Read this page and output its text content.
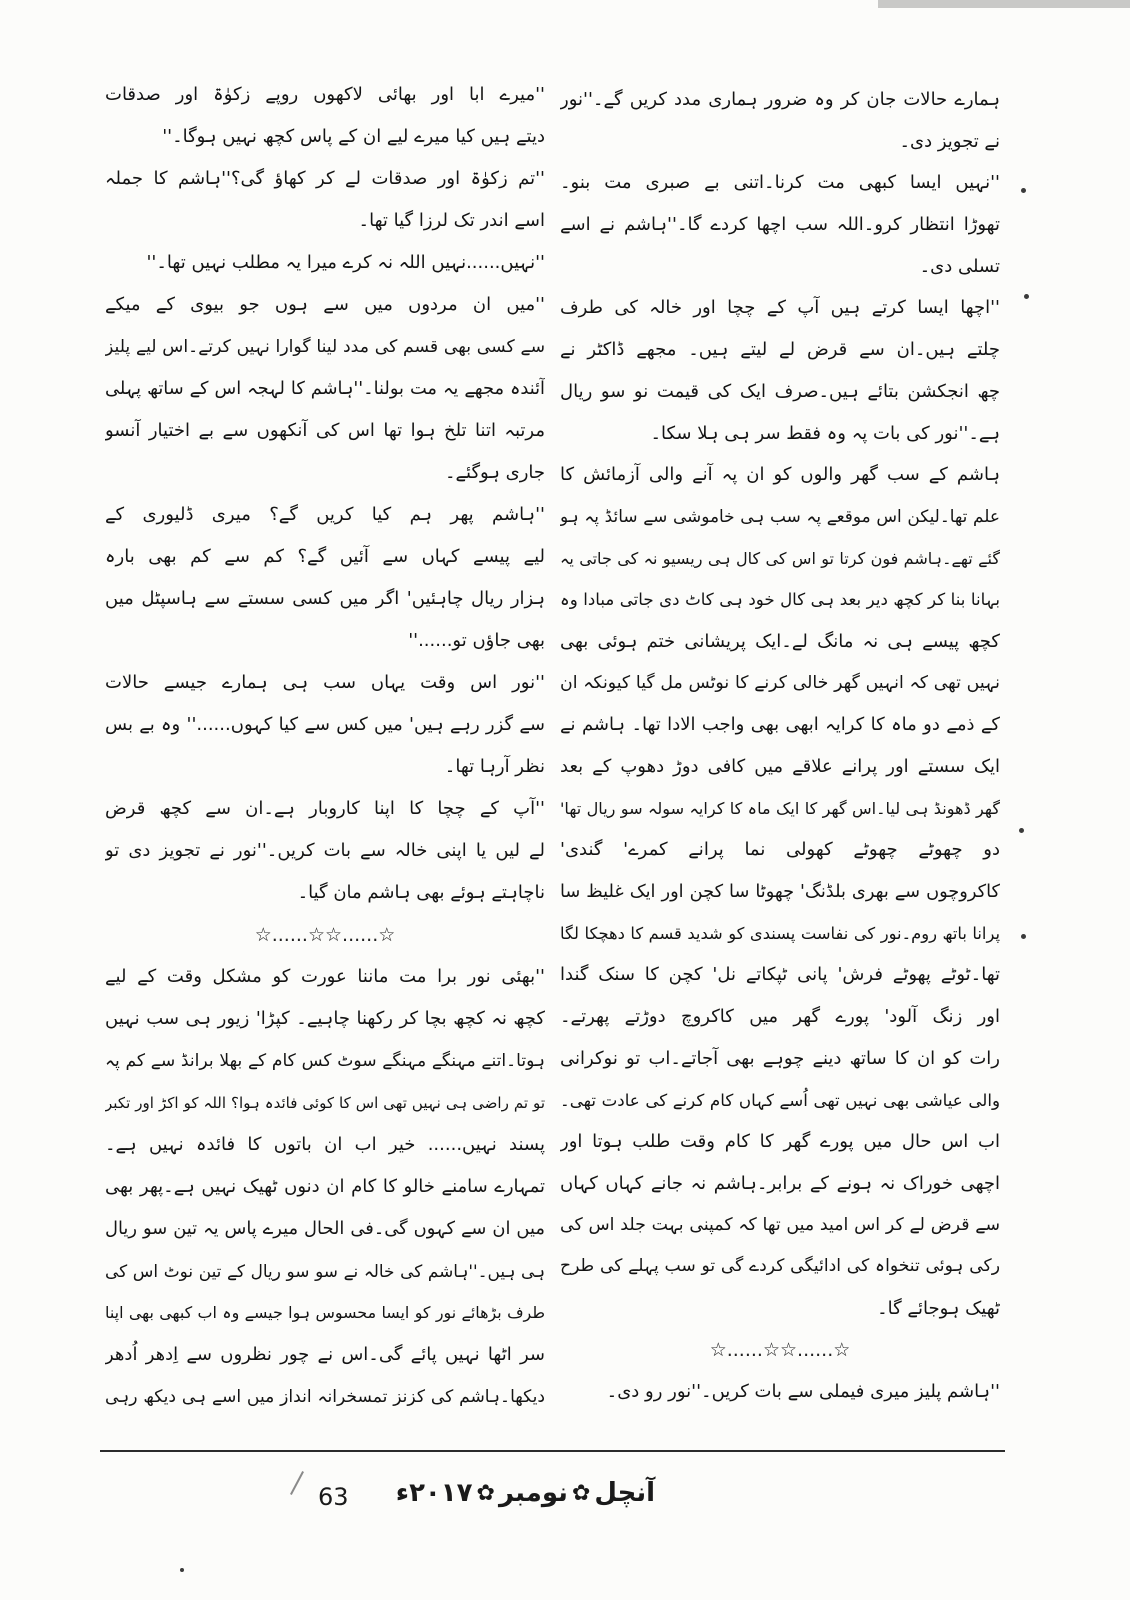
ہمارے حالات جان کر وہ ضرور ہماری مدد کریں گے۔''نور
نے تجویز دی۔
''نہیں ایسا کبھی مت کرنا۔اتنی بے صبری مت بنو۔
تھوڑا انتظار کرو۔اللہ سب اچھا کردے گا۔''ہاشم نے اسے
تسلی دی۔
''اچھا ایسا کرتے ہیں آپ کے چچا اور خالہ کی طرف
چلتے ہیں۔ان سے قرض لے لیتے ہیں۔ مجھے ڈاکٹر نے
چھ انجکشن بتائے ہیں۔صرف ایک کی قیمت نو سو ریال
ہے۔''نور کی بات پہ وہ فقط سر ہی ہلا سکا۔
ہاشم کے سب گھر والوں کو ان پہ آنے والی آزمائش کا
علم تھا۔لیکن اس موقعے پہ سب ہی خاموشی سے سائڈ پہ ہو
گئے تھے۔ہاشم فون کرتا تو اس کی کال ہی ریسیو نہ کی جاتی یہ
بہانا بنا کر کچھ دیر بعد ہی کال خود ہی کاٹ دی جاتی مبادا وہ
کچھ پیسے ہی نہ مانگ لے۔ایک پریشانی ختم ہوئی بھی
نہیں تھی کہ انہیں گھر خالی کرنے کا نوٹس مل گیا کیونکہ ان
کے ذمے دو ماہ کا کرایہ ابھی بھی واجب الادا تھا۔ ہاشم نے
ایک سستے اور پرانے علاقے میں کافی دوڑ دھوپ کے بعد
گھر ڈھونڈ ہی لیا۔اس گھر کا ایک ماہ کا کرایہ سولہ سو ریال تھا'
دو چھوٹے چھوٹے کھولی نما پرانے کمرے' گندی'
کاکروچوں سے بھری بلڈنگ' چھوٹا سا کچن اور ایک غلیظ سا
پرانا باتھ روم۔نور کی نفاست پسندی کو شدید قسم کا دھچکا لگا
تھا۔ٹوٹے پھوٹے فرش' پانی ٹپکاتے نل' کچن کا سنک گندا
اور زنگ آلود' پورے گھر میں کاکروچ دوڑتے پھرتے۔
رات کو ان کا ساتھ دینے چوہے بھی آجاتے۔اب تو نوکرانی
والی عیاشی بھی نہیں تھی اُسے کہاں کام کرنے کی عادت تھی۔
اب اس حال میں پورے گھر کا کام وقت طلب ہوتا اور
اچھی خوراک نہ ہونے کے برابر۔ہاشم نہ جانے کہاں کہاں
سے قرض لے کر اس امید میں تھا کہ کمپنی بہت جلد اس کی
رکی ہوئی تنخواہ کی ادائیگی کردے گی تو سب پہلے کی طرح
ٹھیک ہوجائے گا۔
☆......☆☆......☆
''ہاشم پلیز میری فیملی سے بات کریں۔''نور رو دی۔
''میرے ابا اور بھائی لاکھوں روپے زکوٰۃ اور صدقات
دیتے ہیں کیا میرے لیے ان کے پاس کچھ نہیں ہوگا۔''
''تم زکوٰۃ اور صدقات لے کر کھاؤ گی؟''ہاشم کا جملہ
اسے اندر تک لرزا گیا تھا۔
''نہیں......نہیں اللہ نہ کرے میرا یہ مطلب نہیں تھا۔''
''میں ان مردوں میں سے ہوں جو بیوی کے میکے
سے کسی بھی قسم کی مدد لینا گوارا نہیں کرتے۔اس لیے پلیز
آئندہ مجھے یہ مت بولنا۔''ہاشم کا لہجہ اس کے ساتھ پہلی
مرتبہ اتنا تلخ ہوا تھا اس کی آنکھوں سے بے اختیار آنسو
جاری ہوگئے۔
''ہاشم پھر ہم کیا کریں گے؟ میری ڈلیوری کے
لیے پیسے کہاں سے آئیں گے؟ کم سے کم بھی بارہ
ہزار ریال چاہئیں' اگر میں کسی سستے سے ہاسپٹل میں
بھی جاؤں تو......''
''نور اس وقت یہاں سب ہی ہمارے جیسے حالات
سے گزر رہے ہیں' میں کس سے کیا کہوں......'' وہ بے بس
نظر آرہا تھا۔
''آپ کے چچا کا اپنا کاروبار ہے۔ان سے کچھ قرض
لے لیں یا اپنی خالہ سے بات کریں۔''نور نے تجویز دی تو
ناچاہتے ہوئے بھی ہاشم مان گیا۔
☆......☆☆......☆
''بھئی نور برا مت ماننا عورت کو مشکل وقت کے لیے
کچھ نہ کچھ بچا کر رکھنا چاہیے۔ کپڑا' زیور ہی سب نہیں
ہوتا۔اتنے مہنگے مہنگے سوٹ کس کام کے بھلا برانڈ سے کم پہ
تو تم راضی ہی نہیں تھی اس کا کوئی فائدہ ہوا؟ اللہ کو اکڑ اور تکبر
پسند نہیں...... خیر اب ان باتوں کا فائدہ نہیں ہے۔
تمہارے سامنے خالو کا کام ان دنوں ٹھیک نہیں ہے۔پھر بھی
میں ان سے کہوں گی۔فی الحال میرے پاس یہ تین سو ریال
ہی ہیں۔''ہاشم کی خالہ نے سو سو ریال کے تین نوٹ اس کی
طرف بڑھائے نور کو ایسا محسوس ہوا جیسے وہ اب کبھی بھی اپنا
سر اٹھا نہیں پائے گی۔اس نے چور نظروں سے اِدھر اُدھر
دیکھا۔ہاشم کی کزنز تمسخرانہ انداز میں اسے ہی دیکھ رہی
آنچل
✿
نومبر
✿
۲۰۱۷ء
63
